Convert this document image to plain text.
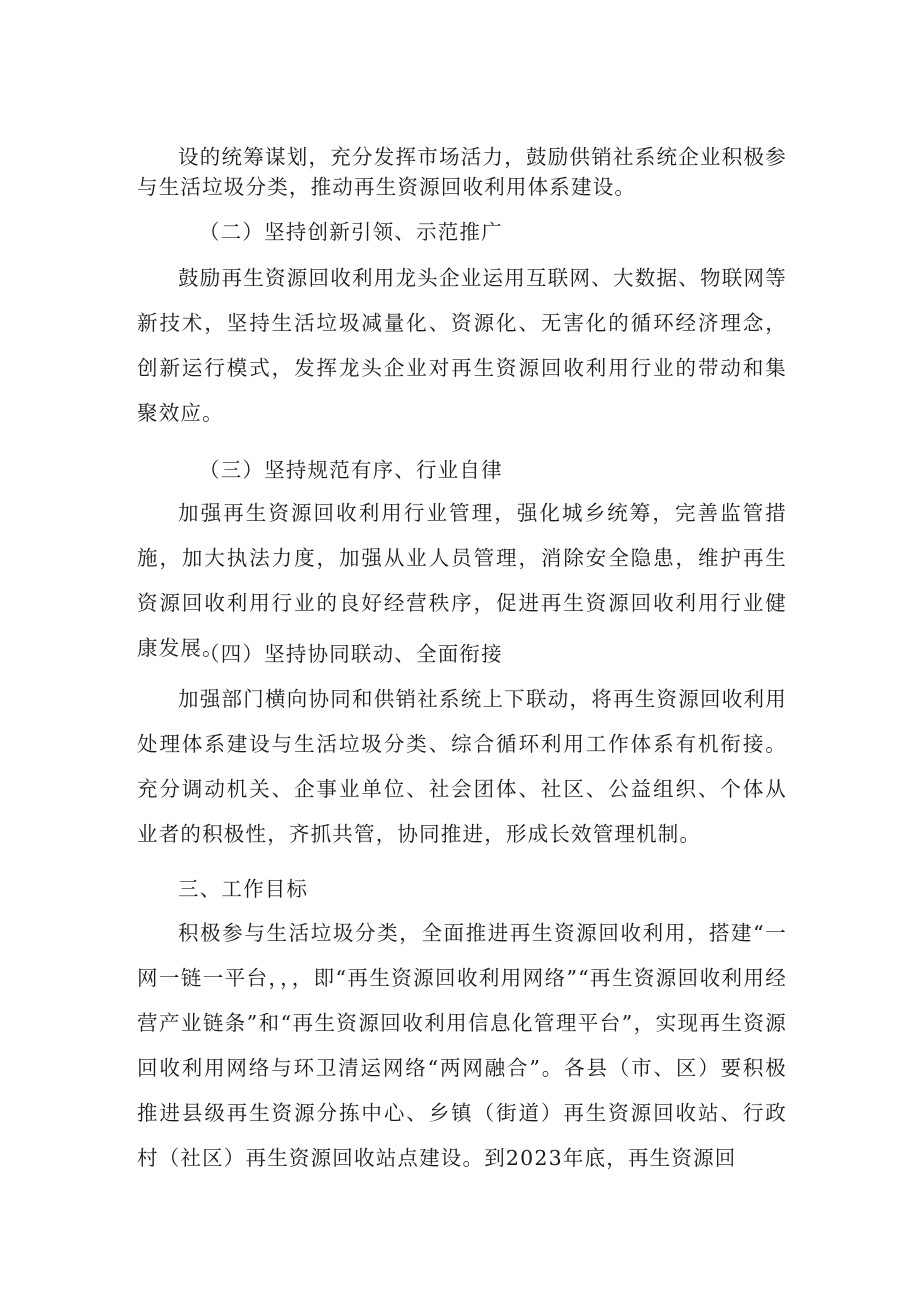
设的统筹谋划，充分发挥市场活力，鼓励供销社系统企业积极参与生活垃圾分类，推动再生资源回收利用体系建设。

（二）坚持创新引领、示范推广

鼓励再生资源回收利用龙头企业运用互联网、大数据、物联网等新技术，坚持生活垃圾减量化、资源化、无害化的循环经济理念，创新运行模式，发挥龙头企业对再生资源回收利用行业的带动和集聚效应。

（三）坚持规范有序、行业自律

加强再生资源回收利用行业管理，强化城乡统筹，完善监管措施，加大执法力度，加强从业人员管理，消除安全隐患，维护再生资源回收利用行业的良好经营秩序，促进再生资源回收利用行业健康发展。

（四）坚持协同联动、全面衔接

加强部门横向协同和供销社系统上下联动，将再生资源回收利用处理体系建设与生活垃圾分类、综合循环利用工作体系有机衔接。充分调动机关、企事业单位、社会团体、社区、公益组织、个体从业者的积极性，齐抓共管，协同推进，形成长效管理机制。

三、工作目标

积极参与生活垃圾分类，全面推进再生资源回收利用，搭建“一网一链一平台，，，即“再生资源回收利用网络”“再生资源回收利用经营产业链条”和“再生资源回收利用信息化管理平台”，实现再生资源回收利用网络与环卫清运网络“两网融合”。各县（市、区）要积极推进县级再生资源分拣中心、乡镇（街道）再生资源回收站、行政村（社区）再生资源回收站点建设。到2023年底，再生资源回
